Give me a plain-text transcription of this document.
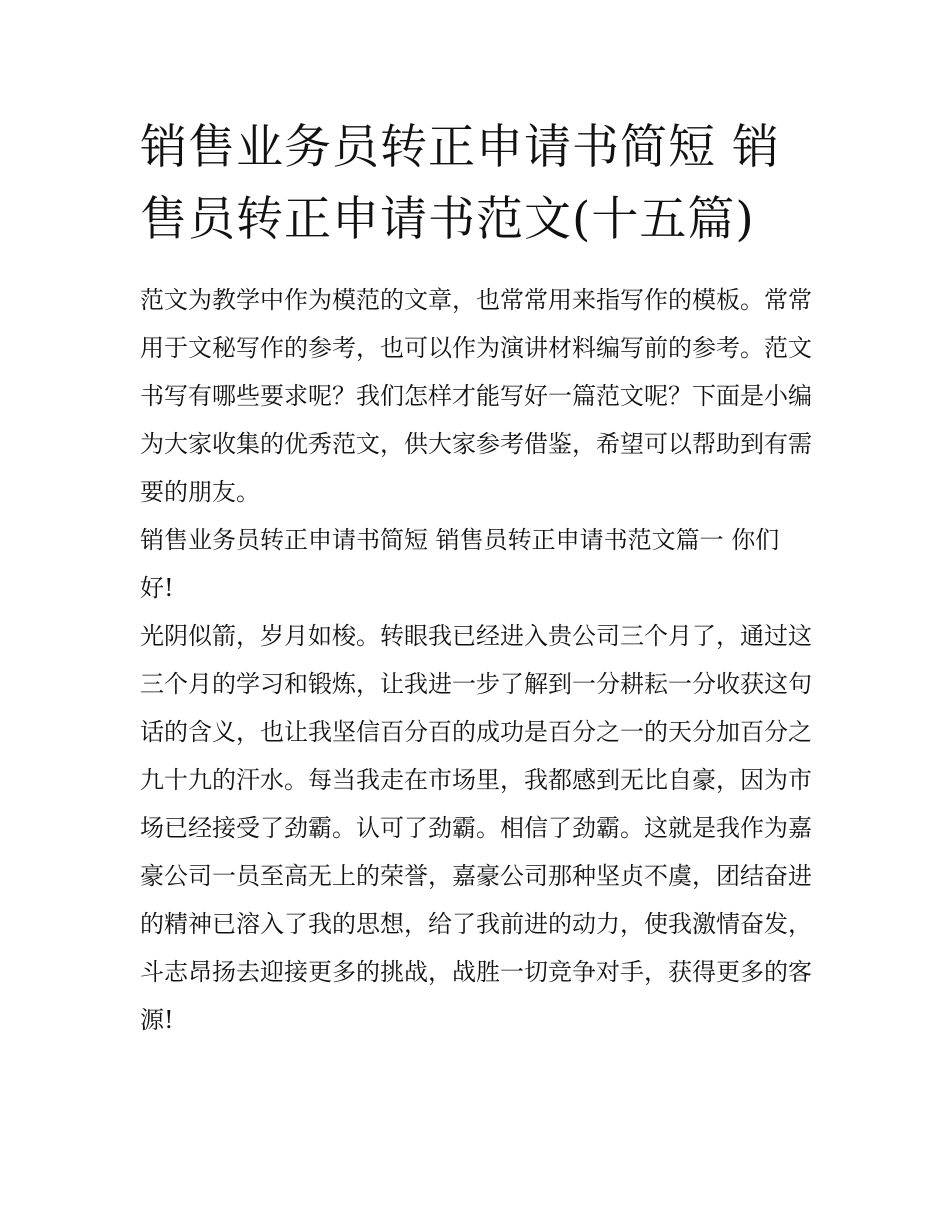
销售业务员转正申请书简短 销售员转正申请书范文(十五篇)

范文为教学中作为模范的文章，也常常用来指写作的模板。常常用于文秘写作的参考，也可以作为演讲材料编写前的参考。范文书写有哪些要求呢？我们怎样才能写好一篇范文呢？下面是小编为大家收集的优秀范文，供大家参考借鉴，希望可以帮助到有需要的朋友。

销售业务员转正申请书简短 销售员转正申请书范文篇一 你们好!

光阴似箭，岁月如梭。转眼我已经进入贵公司三个月了，通过这三个月的学习和锻炼，让我进一步了解到一分耕耘一分收获这句话的含义，也让我坚信百分百的成功是百分之一的天分加百分之九十九的汗水。每当我走在市场里，我都感到无比自豪，因为市场已经接受了劲霸。认可了劲霸。相信了劲霸。这就是我作为嘉豪公司一员至高无上的荣誉，嘉豪公司那种坚贞不虞，团结奋进的精神已溶入了我的思想，给了我前进的动力，使我激情奋发，斗志昂扬去迎接更多的挑战，战胜一切竞争对手，获得更多的客源!
